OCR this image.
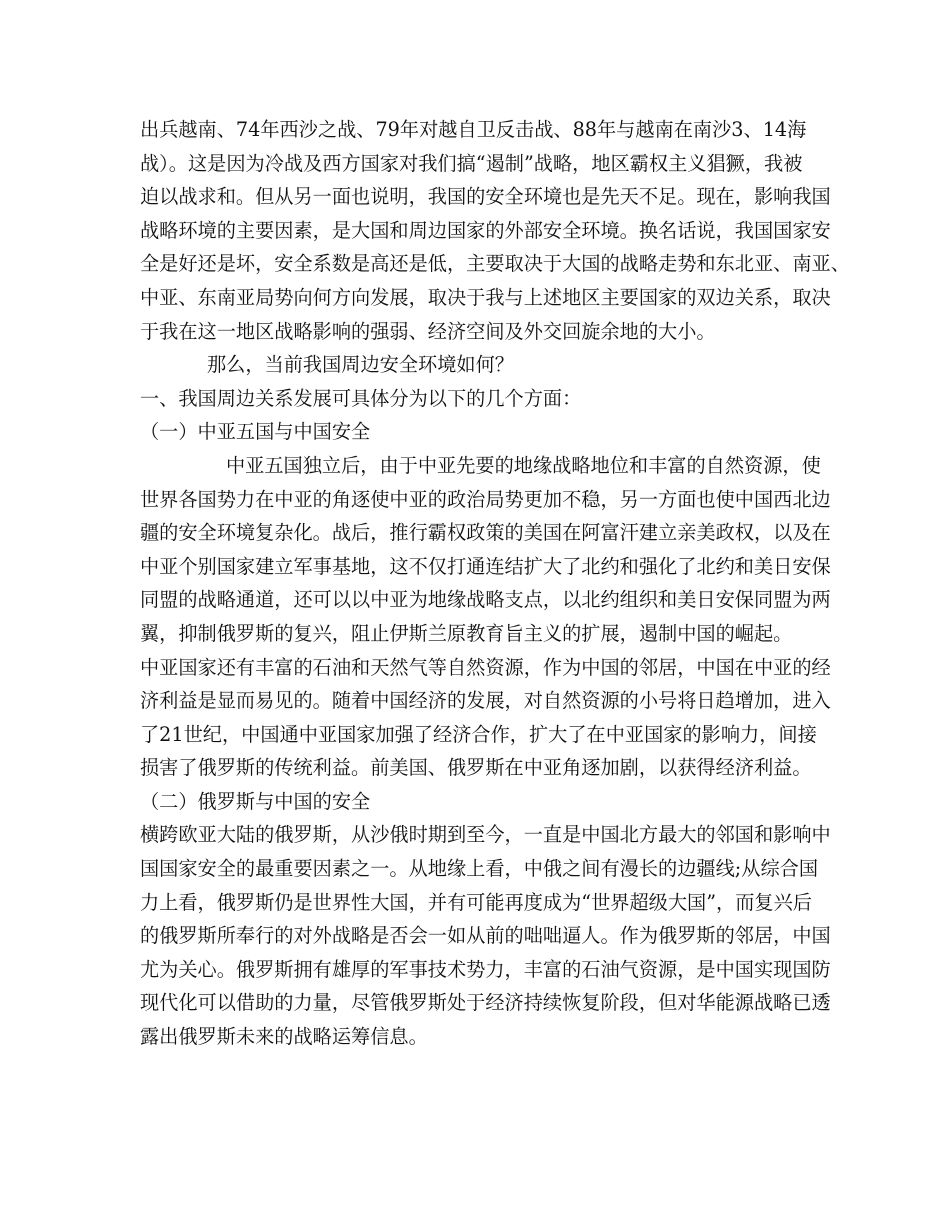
出兵越南、74年西沙之战、79年对越自卫反击战、88年与越南在南沙3、14海
战）。这是因为冷战及西方国家对我们搞“遏制”战略，地区霸权主义猖獗，我被
迫以战求和。但从另一面也说明，我国的安全环境也是先天不足。现在，影响我国
战略环境的主要因素，是大国和周边国家的外部安全环境。换名话说，我国国家安
全是好还是坏，安全系数是高还是低，主要取决于大国的战略走势和东北亚、南亚、
中亚、东南亚局势向何方向发展，取决于我与上述地区主要国家的双边关系，取决
于我在这一地区战略影响的强弱、经济空间及外交回旋余地的大小。
那么，当前我国周边安全环境如何？
一、我国周边关系发展可具体分为以下的几个方面：
（一）中亚五国与中国安全
中亚五国独立后，由于中亚先要的地缘战略地位和丰富的自然资源，使
世界各国势力在中亚的角逐使中亚的政治局势更加不稳，另一方面也使中国西北边
疆的安全环境复杂化。战后，推行霸权政策的美国在阿富汗建立亲美政权，以及在
中亚个别国家建立军事基地，这不仅打通连结扩大了北约和强化了北约和美日安保
同盟的战略通道，还可以以中亚为地缘战略支点，以北约组织和美日安保同盟为两
翼，抑制俄罗斯的复兴，阻止伊斯兰原教育旨主义的扩展，遏制中国的崛起。
中亚国家还有丰富的石油和天然气等自然资源，作为中国的邻居，中国在中亚的经
济利益是显而易见的。随着中国经济的发展，对自然资源的小号将日趋增加，进入
了21世纪，中国通中亚国家加强了经济合作，扩大了在中亚国家的影响力，间接
损害了俄罗斯的传统利益。前美国、俄罗斯在中亚角逐加剧，以获得经济利益。
（二）俄罗斯与中国的安全
横跨欧亚大陆的俄罗斯，从沙俄时期到至今，一直是中国北方最大的邻国和影响中
国国家安全的最重要因素之一。从地缘上看，中俄之间有漫长的边疆线;从综合国
力上看，俄罗斯仍是世界性大国，并有可能再度成为“世界超级大国”，而复兴后
的俄罗斯所奉行的对外战略是否会一如从前的咄咄逼人。作为俄罗斯的邻居，中国
尤为关心。俄罗斯拥有雄厚的军事技术势力，丰富的石油气资源，是中国实现国防
现代化可以借助的力量，尽管俄罗斯处于经济持续恢复阶段，但对华能源战略已透
露出俄罗斯未来的战略运筹信息。
